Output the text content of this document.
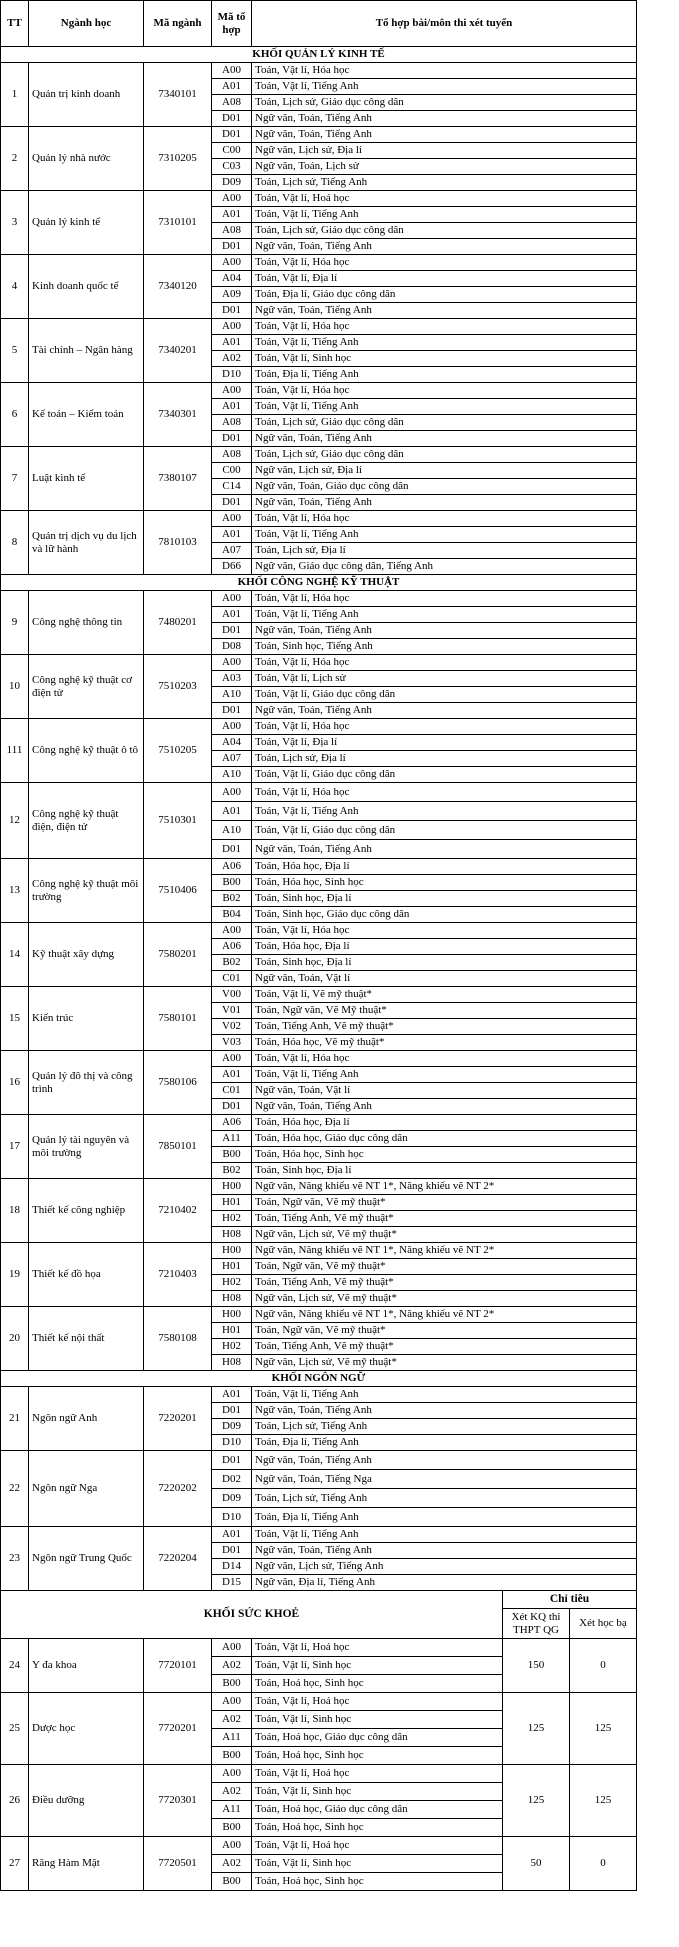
TT	Ngành học	Mã ngành	Mã tổ hợp	Tổ hợp bài/môn thi xét tuyển			
KHỐI QUẢN LÝ KINH TẾ							
1	Quản trị kinh doanh	7340101	A00	Toán, Vật lí, Hóa học			
			A01	Toán, Vật lí, Tiếng Anh			
			A08	Toán, Lịch sử, Giáo dục công dân			
			D01	Ngữ văn, Toán, Tiếng Anh			
2	Quản lý nhà nước	7310205	D01	Ngữ văn, Toán, Tiếng Anh			
			C00	Ngữ văn, Lịch sử, Địa lí			
			C03	Ngữ văn, Toán, Lịch sử			
			D09	Toán, Lịch sử, Tiếng Anh			
3	Quản lý kinh tế	7310101	A00	Toán, Vật lí, Hoá học			
			A01	Toán, Vật lí, Tiếng Anh			
			A08	Toán, Lịch sử, Giáo dục công dân			
			D01	Ngữ văn, Toán, Tiếng Anh			
4	Kinh doanh quốc tế	7340120	A00	Toán, Vật lí, Hóa học			
			A04	Toán, Vật lí, Địa lí			
			A09	Toán, Địa lí, Giáo dục công dân			
			D01	Ngữ văn, Toán, Tiếng Anh			
5	Tài chính – Ngân hàng	7340201	A00	Toán, Vật lí, Hóa học			
			A01	Toán, Vật lí, Tiếng Anh			
			A02	Toán, Vật lí, Sinh học			
			D10	Toán, Địa lí, Tiếng Anh			
6	Kế toán – Kiểm toán	7340301	A00	Toán, Vật lí, Hóa học			
			A01	Toán, Vật lí, Tiếng Anh			
			A08	Toán, Lịch sử, Giáo dục công dân			
			D01	Ngữ văn, Toán, Tiếng Anh			
7	Luật kinh tế	7380107	A08	Toán, Lịch sử, Giáo dục công dân			
			C00	Ngữ văn, Lịch sử, Địa lí			
			C14	Ngữ văn, Toán, Giáo dục công dân			
			D01	Ngữ văn, Toán, Tiếng Anh			
8	Quản trị dịch vụ du lịch và lữ hành	7810103	A00	Toán, Vật lí, Hóa học			
			A01	Toán, Vật lí, Tiếng Anh			
			A07	Toán, Lịch sử, Địa lí			
			D66	Ngữ văn, Giáo dục công dân, Tiếng Anh			
KHỐI CÔNG NGHỆ KỸ THUẬT							
9	Công nghệ thông tin	7480201	A00	Toán, Vật lí, Hóa học			
			A01	Toán, Vật lí, Tiếng Anh			
			D01	Ngữ văn, Toán, Tiếng Anh			
			D08	Toán, Sinh học, Tiếng Anh			
10	Công nghệ kỹ thuật cơ điện tử	7510203	A00	Toán, Vật lí, Hóa học			
			A03	Toán, Vật lí, Lịch sử			
			A10	Toán, Vật lí, Giáo dục công dân			
			D01	Ngữ văn, Toán, Tiếng Anh			
111	Công nghệ kỹ thuật ô tô	7510205	A00	Toán, Vật lí, Hóa học			
			A04	Toán, Vật lí, Địa lí			
			A07	Toán, Lịch sử, Địa lí			
			A10	Toán, Vật lí, Giáo dục công dân			
12	Công nghệ kỹ thuật điện, điện tử	7510301	A00	Toán, Vật lí, Hóa học			
			A01	Toán, Vật lí, Tiếng Anh			
			A10	Toán, Vật lí, Giáo dục công dân			
			D01	Ngữ văn, Toán, Tiếng Anh			
13	Công nghệ kỹ thuật môi trường	7510406	A06	Toán, Hóa học, Địa lí			
			B00	Toán, Hóa học, Sinh học			
			B02	Toán, Sinh học, Địa lí			
			B04	Toán, Sinh học, Giáo dục công dân			
14	Kỹ thuật xây dựng	7580201	A00	Toán, Vật lí, Hóa học			
			A06	Toán, Hóa học, Địa lí			
			B02	Toán, Sinh học, Địa lí			
			C01	Ngữ văn, Toán, Vật lí			
15	Kiến trúc	7580101	V00	Toán, Vật lí, Vẽ mỹ thuật*			
			V01	Toán, Ngữ văn, Vẽ Mỹ thuật*			
			V02	Toán, Tiếng Anh, Vẽ mỹ thuật*			
			V03	Toán, Hóa học, Vẽ mỹ thuật*			
16	Quản lý đô thị và công trình	7580106	A00	Toán, Vật lí, Hóa học			
			A01	Toán, Vật lí, Tiếng Anh			
			C01	Ngữ văn, Toán, Vật lí			
			D01	Ngữ văn, Toán, Tiếng Anh			
17	Quản lý tài nguyên và môi trường	7850101	A06	Toán, Hóa học, Địa lí			
			A11	Toán, Hóa học, Giáo dục công dân			
			B00	Toán, Hóa học, Sinh học			
			B02	Toán, Sinh học, Địa lí			
18	Thiết kế công nghiệp	7210402	H00	Ngữ văn, Năng khiếu vẽ NT 1*, Năng khiếu vẽ NT 2*			
			H01	Toán, Ngữ văn, Vẽ mỹ thuật*			
			H02	Toán, Tiếng Anh, Vẽ mỹ thuật*			
			H08	Ngữ văn, Lịch sử, Vẽ mỹ thuật*			
19	Thiết kế đồ họa	7210403	H00	Ngữ văn, Năng khiếu vẽ NT 1*, Năng khiếu vẽ NT 2*			
			H01	Toán, Ngữ văn, Vẽ mỹ thuật*			
			H02	Toán, Tiếng Anh, Vẽ mỹ thuật*			
			H08	Ngữ văn, Lịch sử, Vẽ mỹ thuật*			
20	Thiết kế nội thất	7580108	H00	Ngữ văn, Năng khiếu vẽ NT 1*, Năng khiếu vẽ NT 2*			
			H01	Toán, Ngữ văn, Vẽ mỹ thuật*			
			H02	Toán, Tiếng Anh, Vẽ mỹ thuật*			
			H08	Ngữ văn, Lịch sử, Vẽ mỹ thuật*			
KHỐI NGÔN NGỮ							
21	Ngôn ngữ Anh	7220201	A01	Toán, Vật lí, Tiếng Anh			
			D01	Ngữ văn, Toán, Tiếng Anh			
			D09	Toán, Lịch sử, Tiếng Anh			
			D10	Toán, Địa lí, Tiếng Anh			
22	Ngôn ngữ Nga	7220202	D01	Ngữ văn, Toán, Tiếng Anh			
			D02	Ngữ văn, Toán, Tiếng Nga			
			D09	Toán, Lịch sử, Tiếng Anh			
			D10	Toán, Địa lí, Tiếng Anh			
23	Ngôn ngữ Trung Quốc	7220204	A01	Toán, Vật lí, Tiếng Anh			
			D01	Ngữ văn, Toán, Tiếng Anh			
			D14	Ngữ văn, Lịch sử, Tiếng Anh			
			D15	Ngữ văn, Địa lí, Tiếng Anh			
KHỐI SỨC KHOẺ					Chỉ tiêu		
					Xét KQ thi THPT QG	Xét học bạ	
24	Y đa khoa	7720101	A00	Toán, Vật lí, Hoá học	150	0	
			A02	Toán, Vật lí, Sinh học			
			B00	Toán, Hoá học, Sinh học			
25	Dược học	7720201	A00	Toán, Vật lí, Hoá học	125	125	
			A02	Toán, Vật lí, Sinh học			
			A11	Toán, Hoá học, Giáo dục công dân			
			B00	Toán, Hoá học, Sinh học			
26	Điều dưỡng	7720301	A00	Toán, Vật lí, Hoá học	125	125	
			A02	Toán, Vật lí, Sinh học			
			A11	Toán, Hoá học, Giáo dục công dân			
			B00	Toán, Hoá học, Sinh học			
27	Răng Hàm Mặt	7720501	A00	Toán, Vật lí, Hoá học	50	0	
			A02	Toán, Vật lí, Sinh học			
			B00	Toán, Hoá học, Sinh học			
